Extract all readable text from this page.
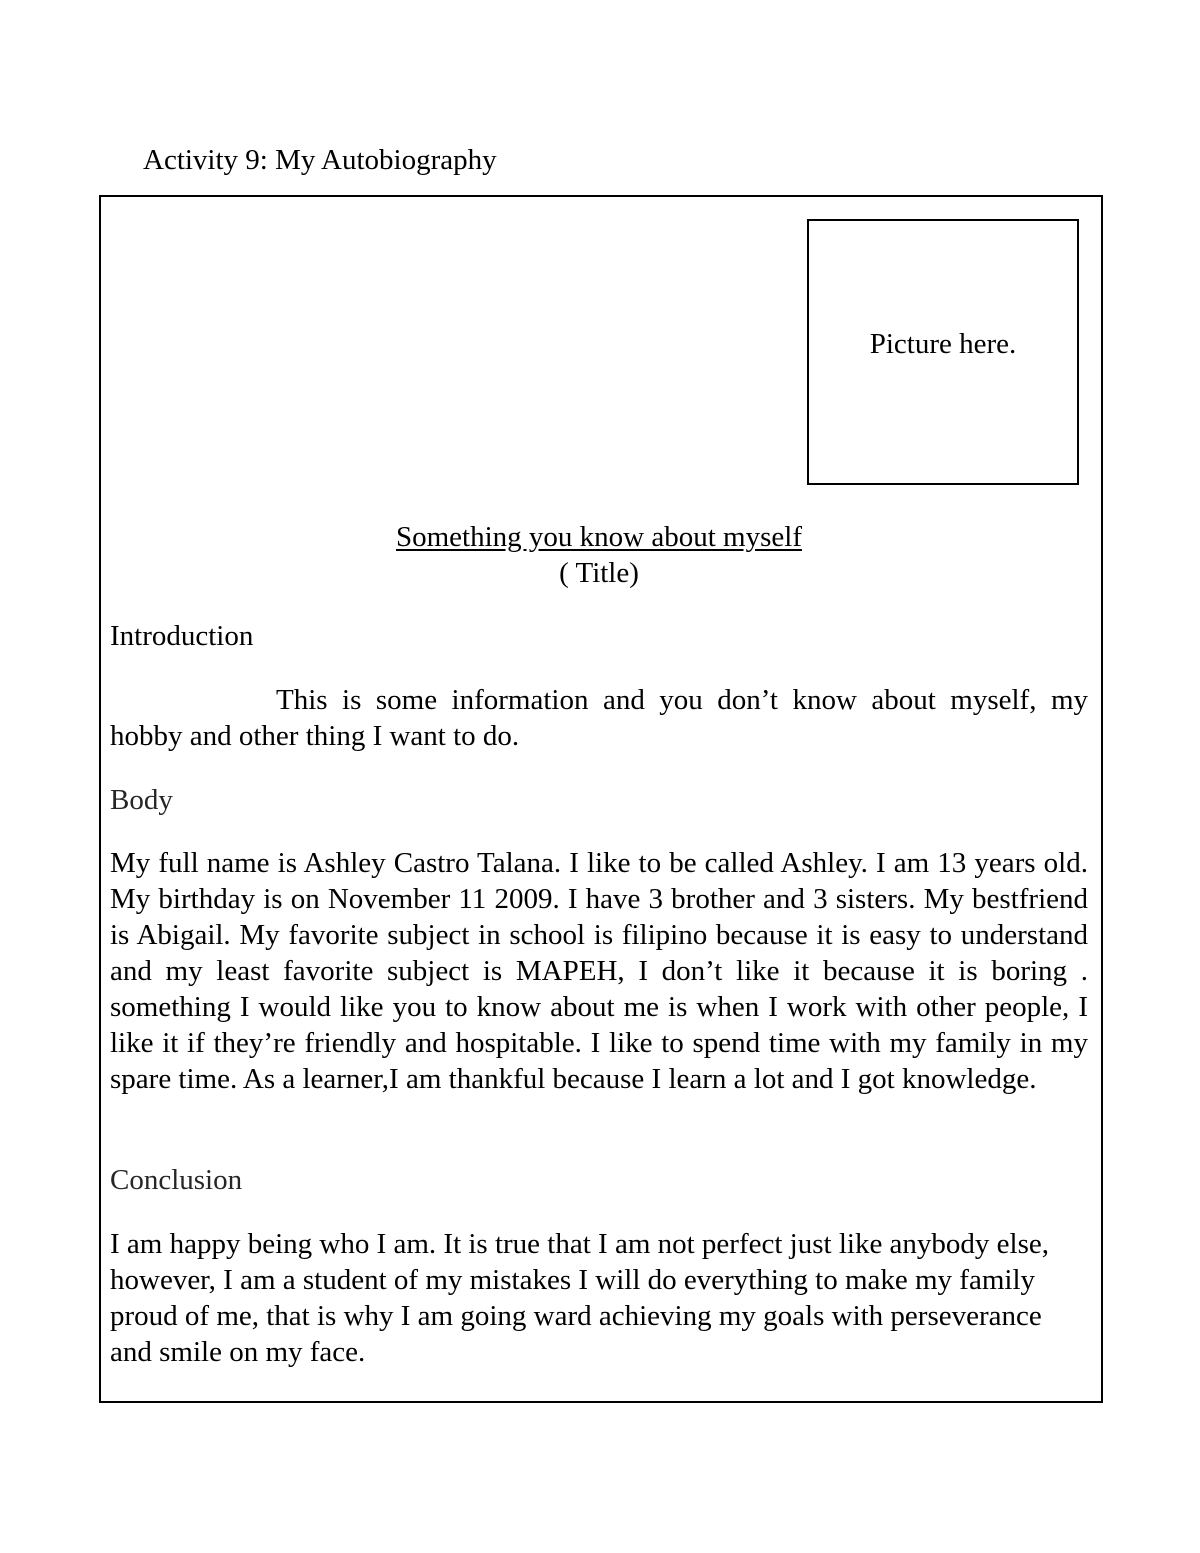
Activity 9: My Autobiography
Picture here.
Something you know about myself
( Title)
Introduction

This is some information and you don’t know about myself, my hobby and other thing I want to do.

Body

My full name is Ashley Castro Talana. I like to be called Ashley. I am 13 years old. My birthday is on November 11 2009. I have 3 brother and 3 sisters. My bestfriend is Abigail. My favorite subject in school is filipino because it is easy to understand and my least favorite subject is MAPEH, I don’t like it because it is boring . something I would like you to know about me is when I work with other people, I like it if they’re friendly and hospitable. I like to spend time with my family in my spare time. As a learner,I am thankful because I learn a lot and I got knowledge.

Conclusion

I am happy being who I am. It is true that I am not perfect just like anybody else, however, I am a student of my mistakes I will do everything to make my family proud of me, that is why I am going ward achieving my goals with perseverance and smile on my face.
